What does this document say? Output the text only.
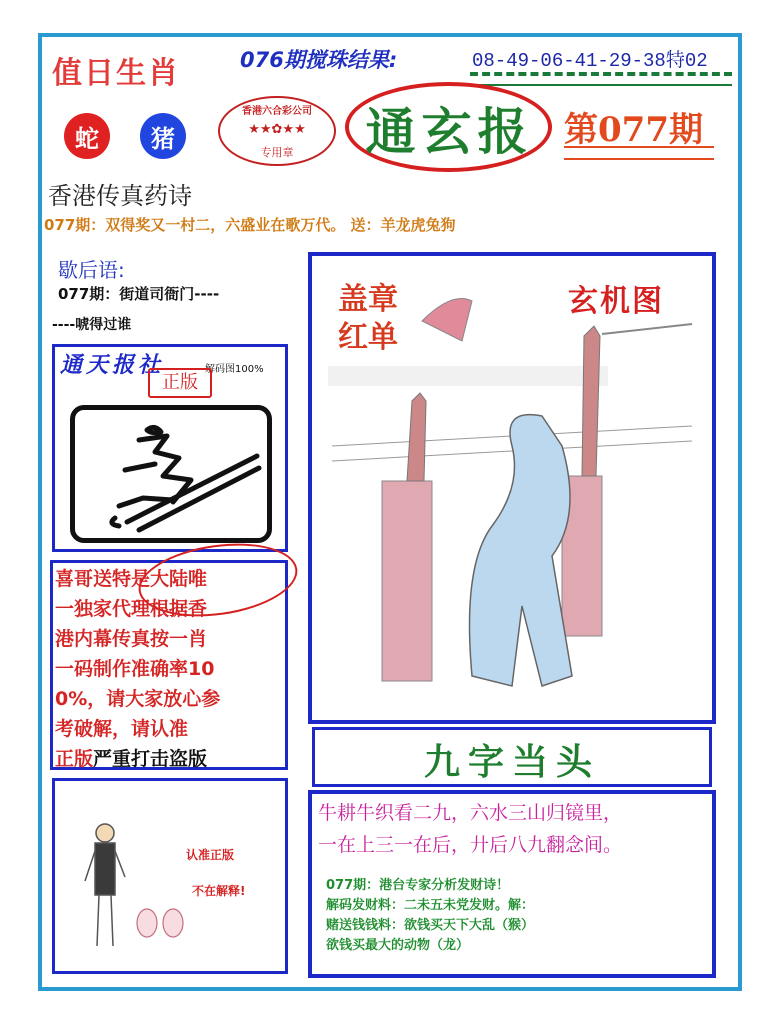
值日生肖	076期搅珠结果:	08-49-06-41-29-38特02
蛇	猪
香港六合彩公司
★★✿★★
专用章	通玄报 第077期
香港传真药诗
077期：双得奖又一村二，六盛业在歌万代。 送：羊龙虎兔狗
歇后语:
077期：街道司衙门----
----唬得过谁
通天报社	解码图100%
正版
喜哥送特是大陆唯
一独家代理根据香
港内幕传真按一肖
一码制作准确率10
0%，请大家放心参
考破解，请认准
正版严重打击盗版
认准正版
不在解释!
盖章
红单
玄机图
九字当头
牛耕牛织看二九，六水三山归镜里，
一在上三一在后，廾后八九翻念间。
077期：港台专家分析发财诗！
解码发财料：二未五未党发财。解：
赌送钱钱料：欲钱买天下大乱（猴）
欲钱买最大的动物（龙）
